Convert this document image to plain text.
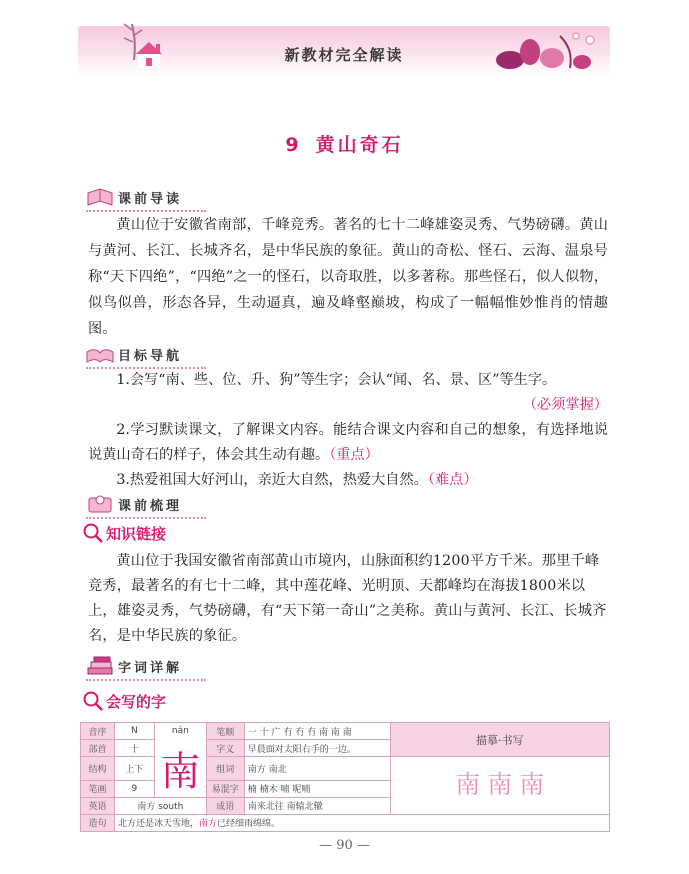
新教材完全解读
9 黄山奇石
课前导读

黄山位于安徽省南部，千峰竞秀。著名的七十二峰雄姿灵秀、气势磅礴。黄山与黄河、长江、长城齐名，是中华民族的象征。黄山的奇松、怪石、云海、温泉号称“天下四绝”，“四绝”之一的怪石，以奇取胜，以多著称。那些怪石，似人似物，似鸟似兽，形态各异，生动逼真，遍及峰壑巅坡，构成了一幅幅惟妙惟肖的情趣图。

目标导航

1.会写“南、些、位、升、狗”等生字；会认“闻、名、景、区”等生字。

（必须掌握）

2.学习默读课文，了解课文内容。能结合课文内容和自己的想象，有选择地说说黄山奇石的样子，体会其生动有趣。（重点）

3.热爱祖国大好河山，亲近大自然，热爱大自然。（难点）

课前梳理
知识链接

黄山位于我国安徽省南部黄山市境内，山脉面积约1200平方千米。那里千峰竞秀，最著名的有七十二峰，其中莲花峰、光明顶、天都峰均在海拔1800米以上，雄姿灵秀，气势磅礴，有“天下第一奇山”之美称。黄山与黄河、长江、长城齐名，是中华民族的象征。

字词详解
会写的字
音序	N	nán	笔顺	一 十 广 冇 冇 冇 南 南 南	描摹·书写
部首	十	南	字义	早晨面对太阳右手的一边。	
结构	上下		组词	南方 南北	南 南 南
笔画	9		易混字	楠 楠木 喃 呢喃	
英语	南方 south		成语	南来北往 南辕北辙	
造句	北方还是冰天雪地，南方已经细雨绵绵。				
— 90 —
